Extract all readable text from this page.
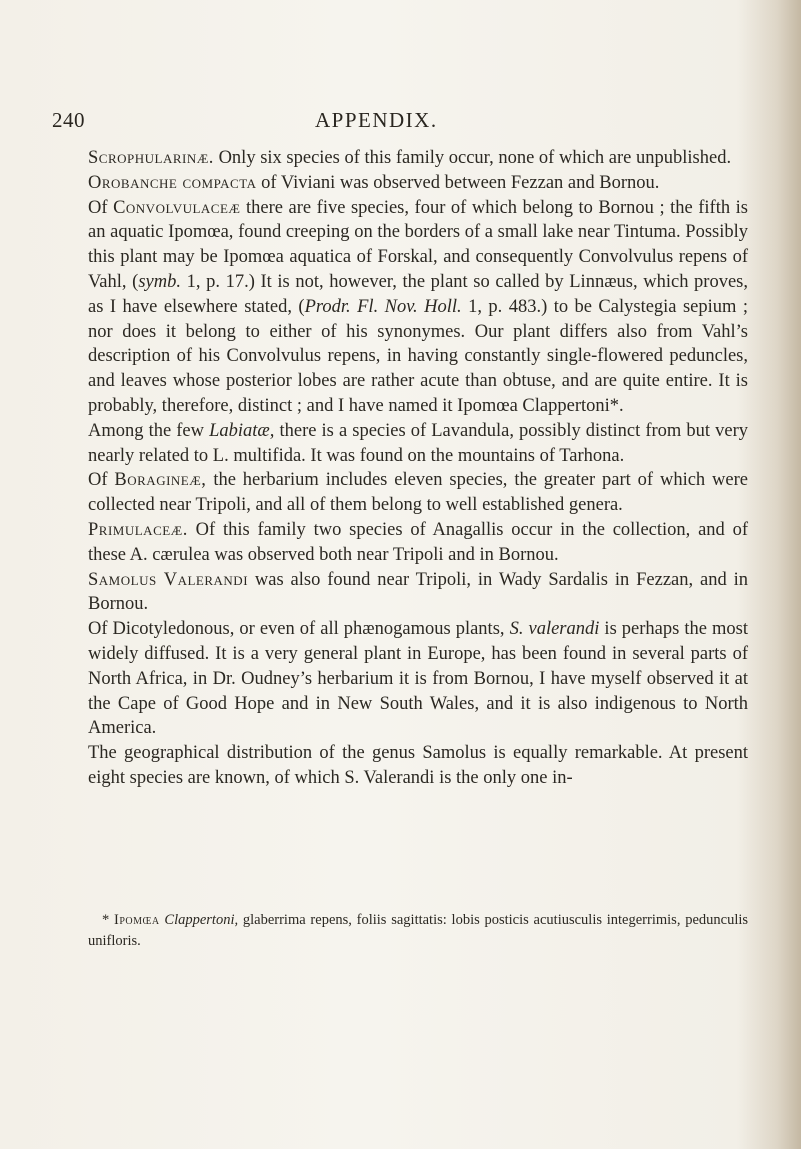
240	APPENDIX.

Scrophularinæ. Only six species of this family occur, none of which are unpublished.

Orobanche compacta of Viviani was observed between Fezzan and Bornou.

Of Convolvulaceæ there are five species, four of which belong to Bornou ; the fifth is an aquatic Ipomœa, found creeping on the borders of a small lake near Tintuma. Possibly this plant may be Ipomœa aquatica of Forskal, and consequently Convolvulus repens of Vahl, (symb. 1, p. 17.) It is not, however, the plant so called by Linnæus, which proves, as I have elsewhere stated, (Prodr. Fl. Nov. Holl. 1, p. 483.) to be Calystegia sepium ; nor does it belong to either of his synonymes. Our plant differs also from Vahl’s description of his Convolvulus repens, in having constantly single-flowered peduncles, and leaves whose posterior lobes are rather acute than obtuse, and are quite entire. It is probably, therefore, distinct ; and I have named it Ipomœa Clappertoni*.

Among the few Labiatæ, there is a species of Lavandula, possibly distinct from but very nearly related to L. multifida. It was found on the mountains of Tarhona.

Of Boragineæ, the herbarium includes eleven species, the greater part of which were collected near Tripoli, and all of them belong to well established genera.

Primulaceæ. Of this family two species of Anagallis occur in the collection, and of these A. cærulea was observed both near Tripoli and in Bornou.

Samolus Valerandi was also found near Tripoli, in Wady Sardalis in Fezzan, and in Bornou.

Of Dicotyledonous, or even of all phænogamous plants, S. valerandi is perhaps the most widely diffused. It is a very general plant in Europe, has been found in several parts of North Africa, in Dr. Oudney’s herbarium it is from Bornou, I have myself observed it at the Cape of Good Hope and in New South Wales, and it is also indigenous to North America.

The geographical distribution of the genus Samolus is equally remarkable. At present eight species are known, of which S. Valerandi is the only one in-

* Ipomœa Clappertoni, glaberrima repens, foliis sagittatis: lobis posticis acutiusculis integerrimis, pedunculis unifloris.
